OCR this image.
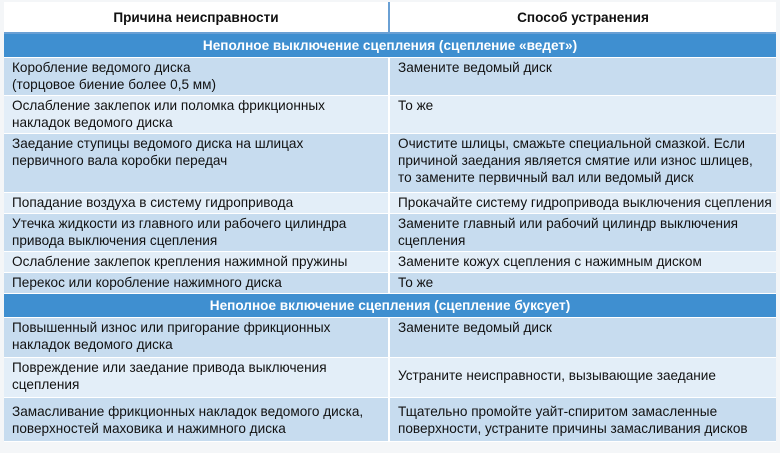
Причина неисправности	Способ устранения
Неполное выключение сцепления (сцепление «ведет»)	

Коробление ведомого диска
(торцовое биение более 0,5 мм)	Замените ведомый диск

Ослабление заклепок или поломка фрикционных
накладок ведомого диска	То же

Заедание ступицы ведомого диска на шлицах
первичного вала коробки передач	Очистите шлицы, смажьте специальной смазкой. Если
причиной заедания является смятие или износ шлицев,
то замените первичный вал или ведомый диск

Попадание воздуха в систему гидропривода	Прокачайте систему гидропривода выключения сцепления

Утечка жидкости из главного или рабочего цилиндра
привода выключения сцепления	Замените главный или рабочий цилиндр выключения
сцепления

Ослабление заклепок крепления нажимной пружины	Замените кожух сцепления с нажимным диском

Перекос или коробление нажимного диска	То же

Неполное включение сцепления (сцепление буксует)	

Повышенный износ или пригорание фрикционных
накладок ведомого диска	Замените ведомый диск

Повреждение или заедание привода выключения
сцепления	Устраните неисправности, вызывающие заедание

Замасливание фрикционных накладок ведомого диска,
поверхностей маховика и нажимного диска	Тщательно промойте уайт-спиритом замасленные
поверхности, устраните причины замасливания дисков
